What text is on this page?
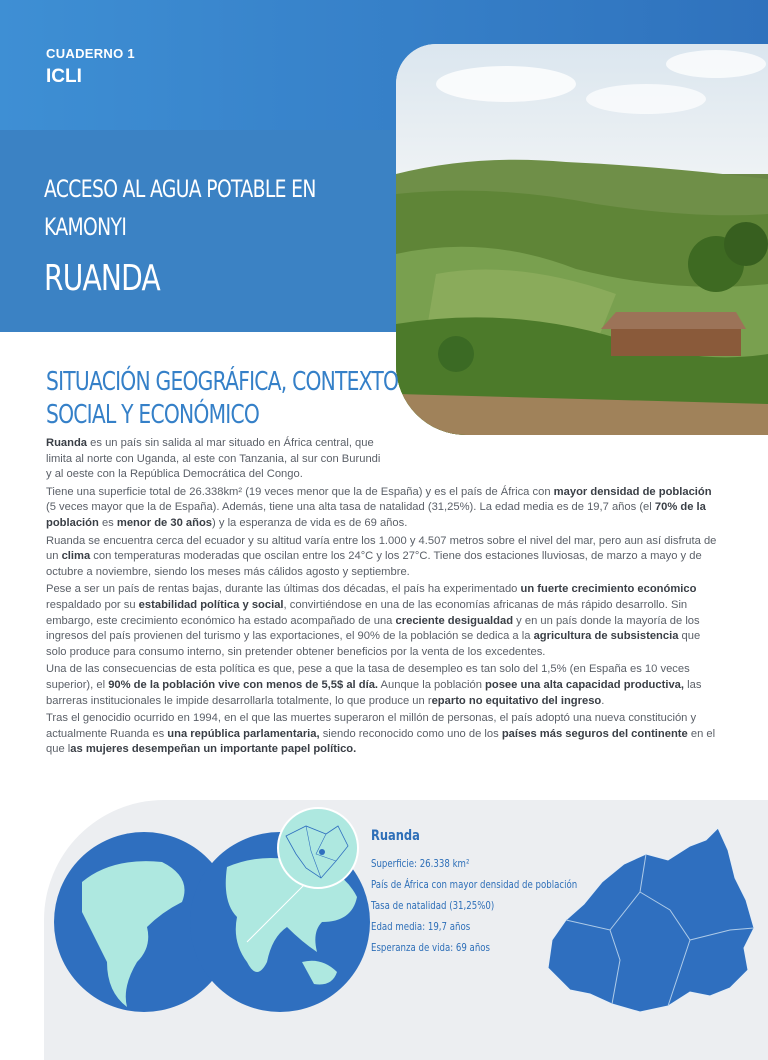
CUADERNO 1
ICLI
ACCESO AL AGUA POTABLE EN KAMONYI
RUANDA
SITUACIÓN GEOGRÁFICA, CONTEXTO SOCIAL Y ECONÓMICO

Ruanda es un país sin salida al mar situado en África central, que limita al norte con Uganda, al este con Tanzania, al sur con Burundi y al oeste con la República Democrática del Congo.

Tiene una superficie total de 26.338km² (19 veces menor que la de España) y es el país de África con mayor densidad de población (5 veces mayor que la de España). Además, tiene una alta tasa de natalidad (31,25%). La edad media es de 19,7 años (el 70% de la población es menor de 30 años) y la esperanza de vida es de 69 años.

Ruanda se encuentra cerca del ecuador y su altitud varía entre los 1.000 y 4.507 metros sobre el nivel del mar, pero aun así disfruta de un clima con temperaturas moderadas que oscilan entre los 24°C y los 27°C. Tiene dos estaciones lluviosas, de marzo a mayo y de octubre a noviembre, siendo los meses más cálidos agosto y septiembre.

Pese a ser un país de rentas bajas, durante las últimas dos décadas, el país ha experimentado un fuerte crecimiento económico respaldado por su estabilidad política y social, convirtiéndose en una de las economías africanas de más rápido desarrollo. Sin embargo, este crecimiento económico ha estado acompañado de una creciente desigualdad y en un país donde la mayoría de los ingresos del país provienen del turismo y las exportaciones, el 90% de la población se dedica a la agricultura de subsistencia que solo produce para consumo interno, sin pretender obtener beneficios por la venta de los excedentes.

Una de las consecuencias de esta política es que, pese a que la tasa de desempleo es tan solo del 1,5% (en España es 10 veces superior), el 90% de la población vive con menos de 5,5$ al día. Aunque la población posee una alta capacidad productiva, las barreras institucionales le impide desarrollarla totalmente, lo que produce un reparto no equitativo del ingreso.

Tras el genocidio ocurrido en 1994, en el que las muertes superaron el millón de personas, el país adoptó una nueva constitución y actualmente Ruanda es una república parlamentaria, siendo reconocido como uno de los países más seguros del continente en el que las mujeres desempeñan un importante papel político.

Ruanda
Superficie: 26.338 km²
País de África con mayor densidad de población
Tasa de natalidad (31,25%0)
Edad media: 19,7 años
Esperanza de vida: 69 años
